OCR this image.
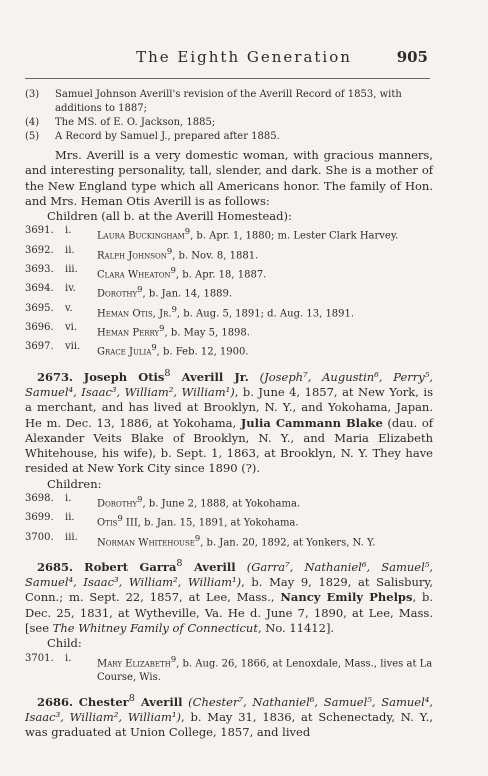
The Eighth Generation	905

(3) Samuel Johnson Averill's revision of the Averill Record of 1853, with additions to 1887;

(4) The MS. of E. O. Jackson, 1885;

(5) A Record by Samuel J., prepared after 1885.

Mrs. Averill is a very domestic woman, with gracious manners, and interesting personality, tall, slender, and dark. She is a mother of the New England type which all Americans honor. The family of Hon. and Mrs. Heman Otis Averill is as follows:

Children (all b. at the Averill Homestead):

3691. i.	Laura Buckingham$^9$, b. Apr. 1, 1880; m. Lester Clark Harvey.

3692. ii. Ralph Johnson$^9$, b. Nov. 8, 1881.

3693. iii. Clara Wheaton$^9$, b. Apr. 18, 1887.

3694. iv. Dorothy$^9$, b. Jan. 14, 1889.

3695. v. Heman Otis, Jr.$^9$, b. Aug. 5, 1891; d. Aug. 13, 1891.

3696. vi. Heman Perry$^9$, b. May 5, 1898.

3697. vii. Grace Julia$^9$, b. Feb. 12, 1900.

2673. Joseph Otis$^8$ Averill Jr. (Joseph⁷, Augustin⁶, Perry⁵, Samuel⁴, Isaac³, William², William¹), b. June 4, 1857, at New York, is a merchant, and has lived at Brooklyn, N. Y., and Yokohama, Japan. He m. Dec. 13, 1886, at Yokohama, Julia Cammann Blake (dau. of Alexander Veits Blake of Brooklyn, N. Y., and Maria Elizabeth Whitehouse, his wife), b. Sept. 1, 1863, at Brooklyn, N. Y. They have resided at New York City since 1890 (?).

Children:

3698. i.	Dorothy$^9$, b. June 2, 1888, at Yokohama.

3699. ii. Otis$^9$ III, b. Jan. 15, 1891, at Yokohama.

3700. iii. Norman Whitehouse$^9$, b. Jan. 20, 1892, at Yonkers, N. Y.

2685. Robert Garra$^8$ Averill (Garra⁷, Nathaniel⁶, Samuel⁵, Samuel⁴, Isaac³, William², William¹), b. May 9, 1829, at Salisbury, Conn.; m. Sept. 22, 1857, at Lee, Mass., Nancy Emily Phelps, b. Dec. 25, 1831, at Wytheville, Va. He d. June 7, 1890, at Lee, Mass. [see The Whitney Family of Connecticut, No. 11412].

Child:

3701. i.	Mary Elizabeth$^9$, b. Aug. 26, 1866, at Lenoxdale, Mass., lives at La Course, Wis.

2686. Chester$^8$ Averill (Chester⁷, Nathaniel⁶, Samuel⁵, Samuel⁴, Isaac³, William², William¹), b. May 31, 1836, at Schenectady, N. Y., was graduated at Union College, 1857, and lived
